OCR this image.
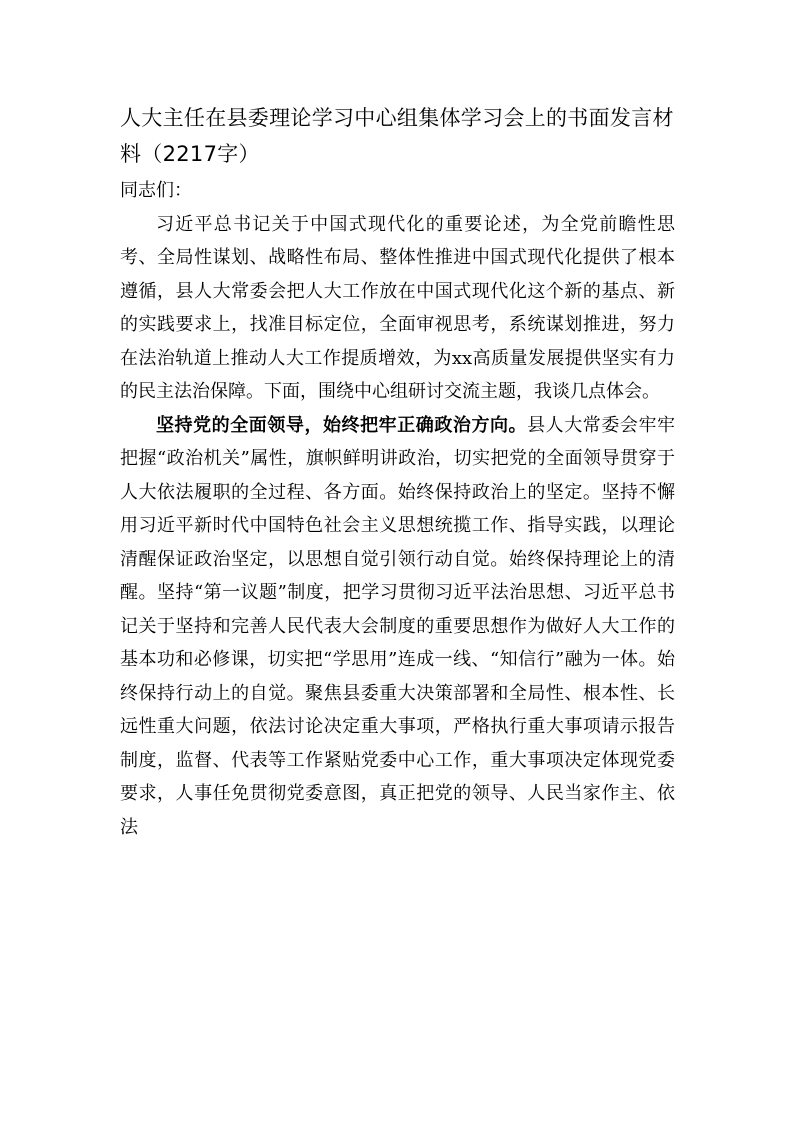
人大主任在县委理论学习中心组集体学习会上的书面发言材料（2217字）

同志们：

习近平总书记关于中国式现代化的重要论述，为全党前瞻性思考、全局性谋划、战略性布局、整体性推进中国式现代化提供了根本遵循，县人大常委会把人大工作放在中国式现代化这个新的基点、新的实践要求上，找准目标定位，全面审视思考，系统谋划推进，努力在法治轨道上推动人大工作提质增效，为xx高质量发展提供坚实有力的民主法治保障。下面，围绕中心组研讨交流主题，我谈几点体会。

坚持党的全面领导，始终把牢正确政治方向。县人大常委会牢牢把握“政治机关”属性，旗帜鲜明讲政治，切实把党的全面领导贯穿于人大依法履职的全过程、各方面。始终保持政治上的坚定。坚持不懈用习近平新时代中国特色社会主义思想统揽工作、指导实践，以理论清醒保证政治坚定，以思想自觉引领行动自觉。始终保持理论上的清醒。坚持“第一议题”制度，把学习贯彻习近平法治思想、习近平总书记关于坚持和完善人民代表大会制度的重要思想作为做好人大工作的基本功和必修课，切实把“学思用”连成一线、“知信行”融为一体。始终保持行动上的自觉。聚焦县委重大决策部署和全局性、根本性、长远性重大问题，依法讨论决定重大事项，严格执行重大事项请示报告制度，监督、代表等工作紧贴党委中心工作，重大事项决定体现党委要求，人事任免贯彻党委意图，真正把党的领导、人民当家作主、依法
